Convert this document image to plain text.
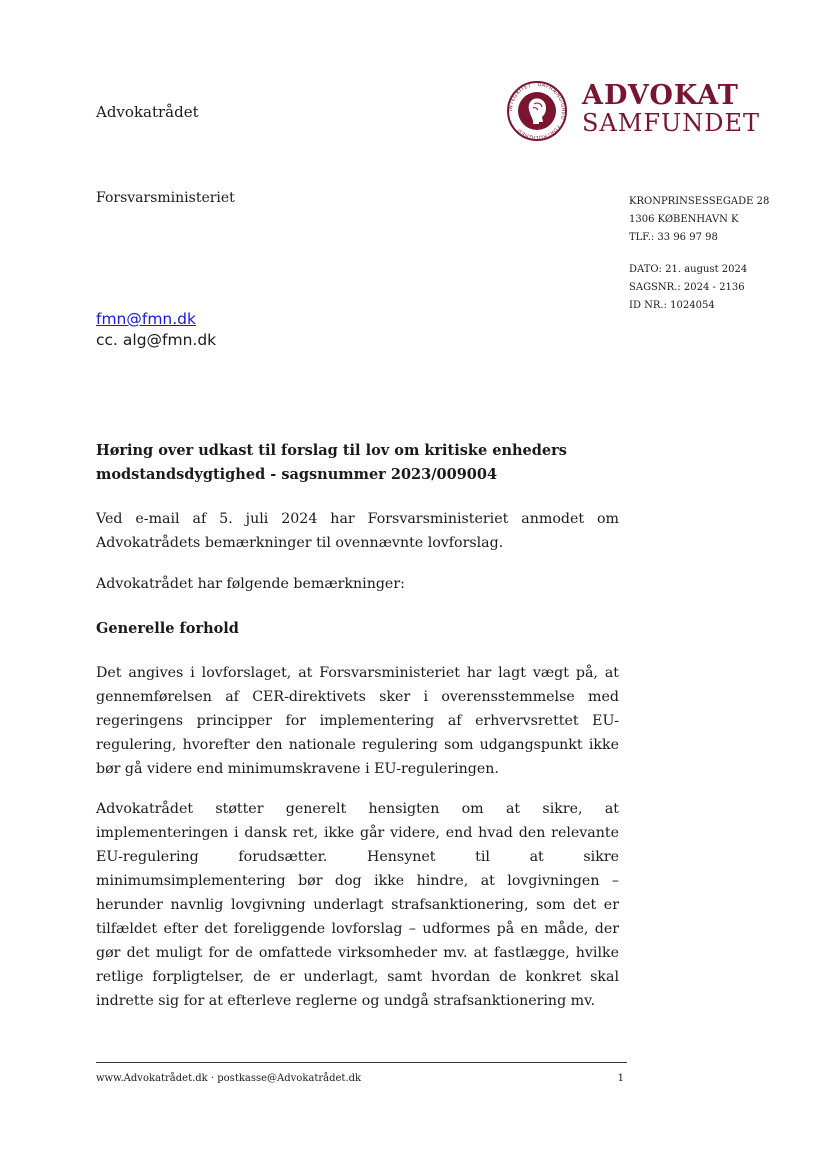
Advokatrådet	INTEGRITET · UAFHÆNGIGHED · FORTROLIGHED
ADVOKAT
SAMFUNDET
Forsvarsministeriet	KRONPRINSESSEGADE 28
1306 KØBENHAVN K
TLF.: 33 96 97 98
DATO: 21. august 2024
SAGSNR.: 2024 - 2136
ID NR.: 1024054
fmn@fmn.dk
cc. alg@fmn.dk
Høring over udkast til forslag til lov om kritiske enheders modstandsdygtighed - sagsnummer 2023/009004
Ved e-mail af 5. juli 2024 har Forsvarsministeriet anmodet om Advokatrådets bemærkninger til ovennævnte lovforslag.
Advokatrådet har følgende bemærkninger:
Generelle forhold
Det angives i lovforslaget, at Forsvarsministeriet har lagt vægt på, at gennemførelsen af CER-direktivets sker i overensstemmelse med regeringens principper for implementering af erhvervsrettet EU-regulering, hvorefter den nationale regulering som udgangspunkt ikke bør gå videre end minimumskravene i EU-reguleringen.
Advokatrådet støtter generelt hensigten om at sikre, at implementeringen i dansk ret, ikke går videre, end hvad den relevante EU-regulering forudsætter. Hensynet til at sikre minimumsimplementering bør dog ikke hindre, at lovgivningen – herunder navnlig lovgivning underlagt strafsanktionering, som det er tilfældet efter det foreliggende lovforslag – udformes på en måde, der gør det muligt for de omfattede virksomheder mv. at fastlægge, hvilke retlige forpligtelser, de er underlagt, samt hvordan de konkret skal indrette sig for at efterleve reglerne og undgå strafsanktionering mv.
www.Advokatrådet.dk · postkasse@Advokatrådet.dk	1
